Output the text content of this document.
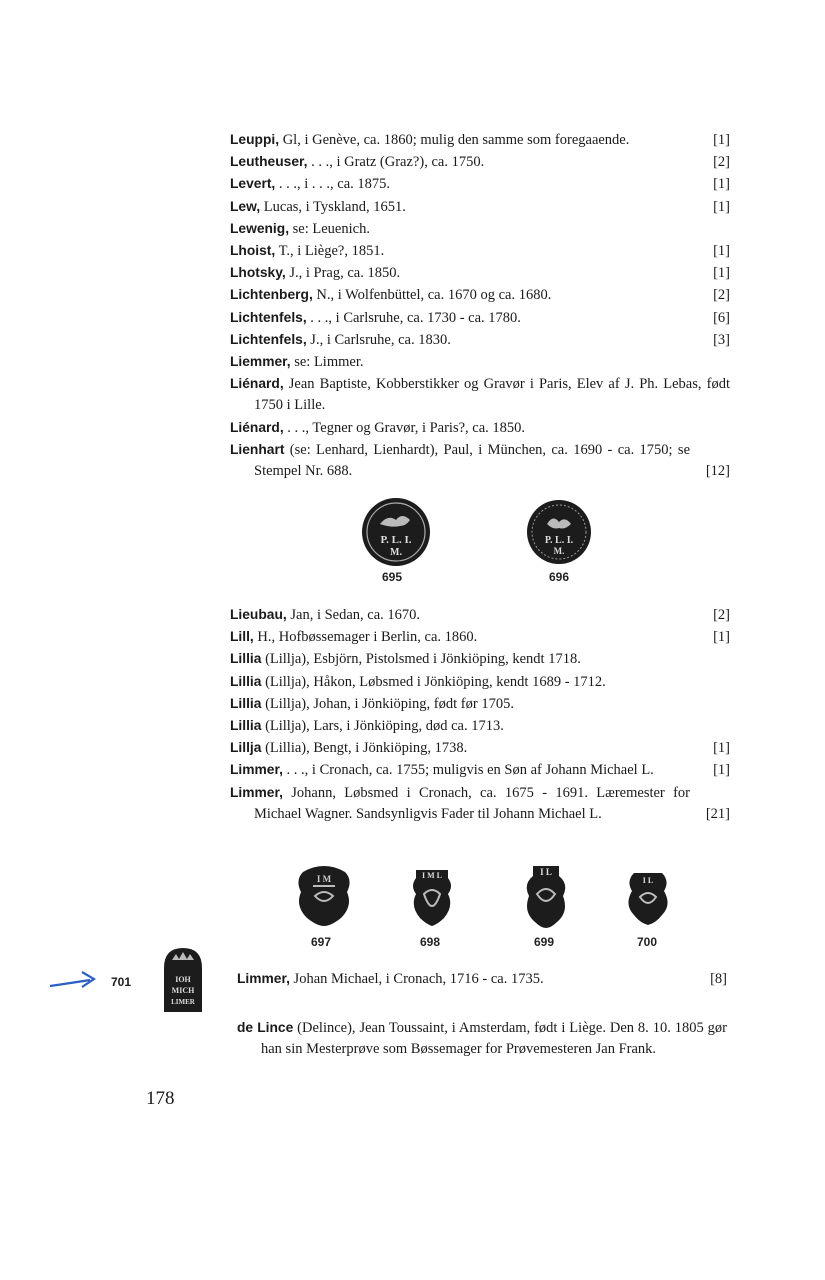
Leuppi, Gl, i Genève, ca. 1860; mulig den samme som foregaaende.	[1]
Leutheuser, . . ., i Gratz (Graz?), ca. 1750.	[2]
Levert, . . ., i . . ., ca. 1875.	[1]
Lew, Lucas, i Tyskland, 1651.	[1]
Lewenig, se: Leuenich.
Lhoist, T., i Liège?, 1851.	[1]
Lhotsky, J., i Prag, ca. 1850.	[1]
Lichtenberg, N., i Wolfenbüttel, ca. 1670 og ca. 1680.	[2]
Lichtenfels, . . ., i Carlsruhe, ca. 1730 - ca. 1780.	[6]
Lichtenfels, J., i Carlsruhe, ca. 1830.	[3]
Liemmer, se: Limmer.
Liénard, Jean Baptiste, Kobberstikker og Gravør i Paris, Elev af J. Ph. Lebas, født 1750 i Lille.
Liénard, . . ., Tegner og Gravør, i Paris?, ca. 1850.
Lienhart (se: Lenhard, Lienhardt), Paul, i München, ca. 1690 - ca. 1750; se Stempel Nr. 688.	[12]
P. L. I.
M.
P. L. I.
M.
695	696
Lieubau, Jan, i Sedan, ca. 1670.	[2]
Lill, H., Hofbøssemager i Berlin, ca. 1860.	[1]
Lillia (Lillja), Esbjörn, Pistolsmed i Jönkiöping, kendt 1718.
Lillia (Lillja), Håkon, Løbsmed i Jönkiöping, kendt 1689 - 1712.
Lillia (Lillja), Johan, i Jönkiöping, født før 1705.
Lillia (Lillja), Lars, i Jönkiöping, død ca. 1713.
Lillja (Lillia), Bengt, i Jönkiöping, 1738.	[1]
Limmer, . . ., i Cronach, ca. 1755; muligvis en Søn af Johann Michael L.	[1]
Limmer, Johann, Løbsmed i Cronach, ca. 1675 - 1691. Læremester for Michael Wagner. Sandsynligvis Fader til Johann Michael L.	[21]
I M	I M L	I L
I L
697	698	699	700
701	IOH
MICH
LIMER
Limmer, Johan Michael, i Cronach, 1716 - ca. 1735.	[8]
de Lince (Delince), Jean Toussaint, i Amsterdam, født i Liège. Den 8. 10. 1805 gør han sin Mesterprøve som Bøssemager for Prøvemesteren Jan Frank.
178
